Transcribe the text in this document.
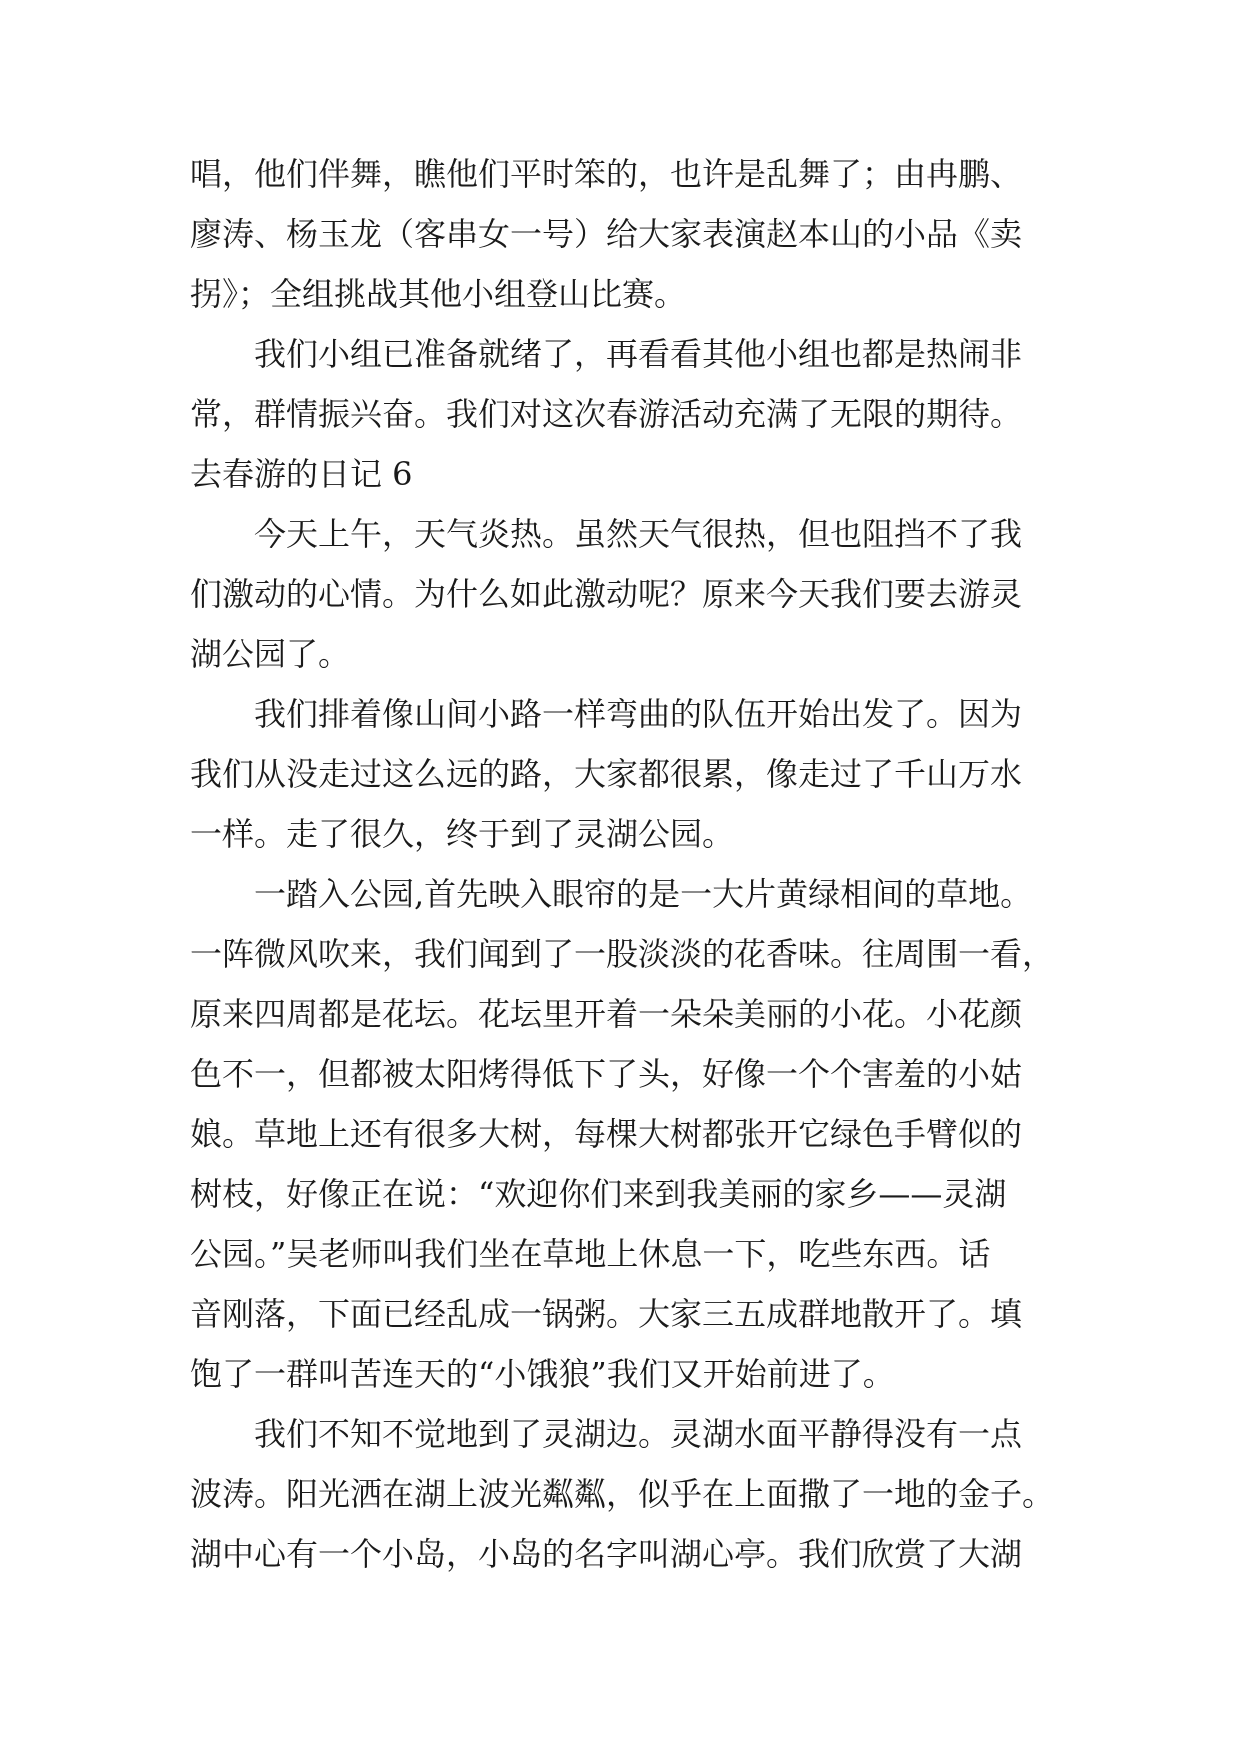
唱，他们伴舞，瞧他们平时笨的，也许是乱舞了；由冉鹏、
廖涛、杨玉龙（客串女一号）给大家表演赵本山的小品《卖
拐》；全组挑战其他小组登山比赛。
我们小组已准备就绪了，再看看其他小组也都是热闹非
常，群情振兴奋。我们对这次春游活动充满了无限的期待。
去春游的日记 6
今天上午，天气炎热。虽然天气很热，但也阻挡不了我
们激动的心情。为什么如此激动呢？原来今天我们要去游灵
湖公园了。
我们排着像山间小路一样弯曲的队伍开始出发了。因为
我们从没走过这么远的路，大家都很累，像走过了千山万水
一样。走了很久，终于到了灵湖公园。
一踏入公园,首先映入眼帘的是一大片黄绿相间的草地。
一阵微风吹来，我们闻到了一股淡淡的花香味。往周围一看，
原来四周都是花坛。花坛里开着一朵朵美丽的小花。小花颜
色不一，但都被太阳烤得低下了头，好像一个个害羞的小姑
娘。草地上还有很多大树，每棵大树都张开它绿色手臂似的
树枝，好像正在说：“欢迎你们来到我美丽的家乡——灵湖
公园。”吴老师叫我们坐在草地上休息一下，吃些东西。话
音刚落，下面已经乱成一锅粥。大家三五成群地散开了。填
饱了一群叫苦连天的“小饿狼”我们又开始前进了。
我们不知不觉地到了灵湖边。灵湖水面平静得没有一点
波涛。阳光洒在湖上波光粼粼，似乎在上面撒了一地的金子。
湖中心有一个小岛，小岛的名字叫湖心亭。我们欣赏了大湖
